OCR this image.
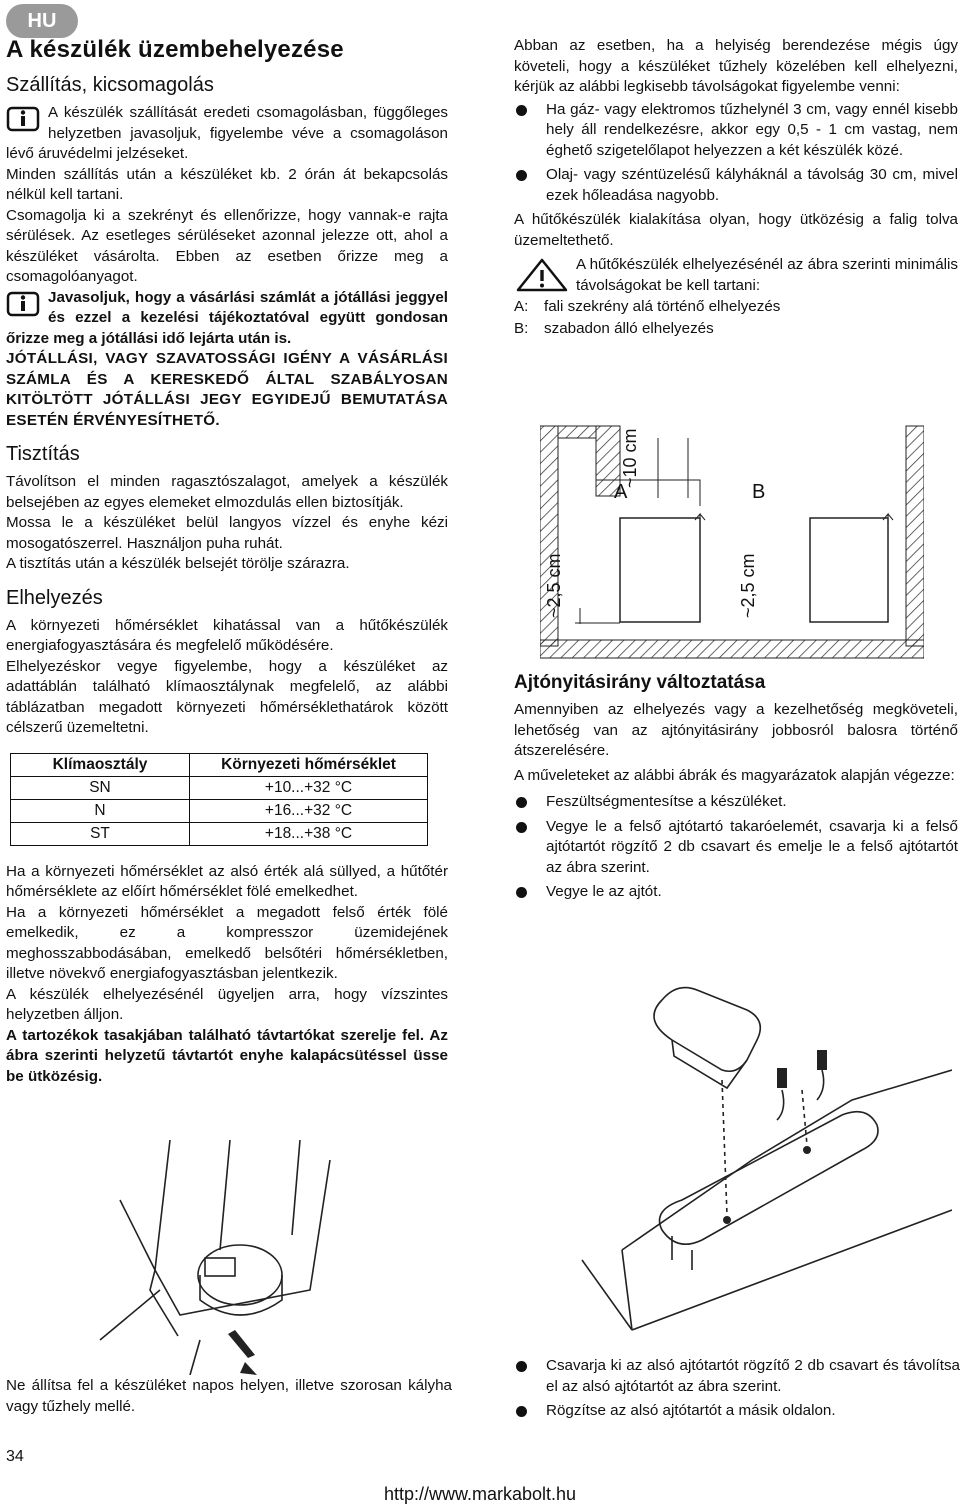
HU
A készülék üzembehelyezése
Szállítás, kicsomagolás

A készülék szállítását eredeti csomagolásban, függőleges helyzetben javasoljuk, figyelembe véve a csomagoláson lévő áruvédelmi jelzéseket.

Minden szállítás után a készüléket kb. 2 órán át bekapcsolás nélkül kell tartani.

Csomagolja ki a szekrényt és ellenőrizze, hogy vannak-e rajta sérülések. Az esetleges sérüléseket azonnal jelezze ott, ahol a készüléket vásárolta. Ebben az esetben őrizze meg a csomagolóanyagot.

Javasoljuk, hogy a vásárlási számlát a jótállási jeggyel és ezzel a kezelési tájékoztatóval együtt gondosan őrizze meg a jótállási idő lejárta után is.

JÓTÁLLÁSI, VAGY SZAVATOSSÁGI IGÉNY A VÁSÁRLÁSI SZÁMLA ÉS A KERESKEDŐ ÁLTAL SZABÁLYOSAN KITÖLTÖTT JÓTÁLLÁSI JEGY EGYIDEJŰ BEMUTATÁSA ESETÉN ÉRVÉNYESÍTHETŐ.

Tisztítás

Távolítson el minden ragasztószalagot, amelyek a készülék belsejében az egyes elemeket elmozdulás ellen biztosítják.

Mossa le a készüléket belül langyos vízzel és enyhe kézi mosogatószerrel. Használjon puha ruhát.

A tisztítás után a készülék belsejét törölje szárazra.

Elhelyezés

A környezeti hőmérséklet kihatással van a hűtőkészülék energiafogyasztására és megfelelő működésére.

Elhelyezéskor vegye figyelembe, hogy a készüléket az adattáblán található klímaosztálynak megfelelő, az alábbi táblázatban megadott környezeti hőmérséklethatárok között célszerű üzemeltetni.

Klímaosztály	Környezeti hőmérséklet
SN	+10...+32 °C
N	+16...+32 °C
ST	+18...+38 °C

Ha a környezeti hőmérséklet az alsó érték alá süllyed, a hűtőtér hőmérséklete az előírt hőmérséklet fölé emelkedhet.

Ha a környezeti hőmérséklet a megadott felső érték fölé emelkedik, ez a kompresszor üzemidejének meghosszabbodásában, emelkedő belsőtéri hőmérsékletben, illetve növekvő energiafogyasztásban jelentkezik.

A készülék elhelyezésénél ügyeljen arra, hogy vízszintes helyzetben álljon.

A tartozékok tasakjában található távtartókat szerelje fel. Az ábra szerinti helyzetű távtartót enyhe kalapácsütéssel üsse be ütközésig.

Ne állítsa fel a készüléket napos helyen, illetve szorosan kályha vagy tűzhely mellé.

Abban az esetben, ha a helyiség berendezése mégis úgy követeli, hogy a készüléket tűzhely közelében kell elhelyezni, kérjük az alábbi legkisebb távolságokat figyelembe venni:

Ha gáz- vagy elektromos tűzhelynél 3 cm, vagy ennél kisebb hely áll rendelkezésre, akkor egy 0,5 - 1 cm vastag, nem éghető szigetelőlapot helyezzen a két készülék közé.
Olaj- vagy széntüzelésű kályháknál a távolság 30 cm, mivel ezek hőleadása nagyobb.

A hűtőkészülék kialakítása olyan, hogy ütközésig a falig tolva üzemeltethető.

A hűtőkészülék elhelyezésénél az ábra szerinti minimális távolságokat be kell tartani:

A: fali szekrény alá történő elhelyezés
B: szabadon álló elhelyezés
A	B
~10 cm
~2,5 cm	~2,5 cm
Ajtónyitásirány változtatása

Amennyiben az elhelyezés vagy a kezelhetőség megköveteli, lehetőség van az ajtónyitásirány jobbosról balosra történő átszerelésére.

A műveleteket az alábbi ábrák és magyarázatok alapján végezze:

Feszültségmentesítse a készüléket.
Vegye le a felső ajtótartó takaróelemét, csavarja ki a felső ajtótartót rögzítő 2 db csavart és emelje le a felső ajtótartót az ábra szerint.
Vegye le az ajtót.
Csavarja ki az alsó ajtótartót rögzítő 2 db csavart és távolítsa el az alsó ajtótartót az ábra szerint.
Rögzítse az alsó ajtótartót a másik oldalon.
34
http://www.markabolt.hu
